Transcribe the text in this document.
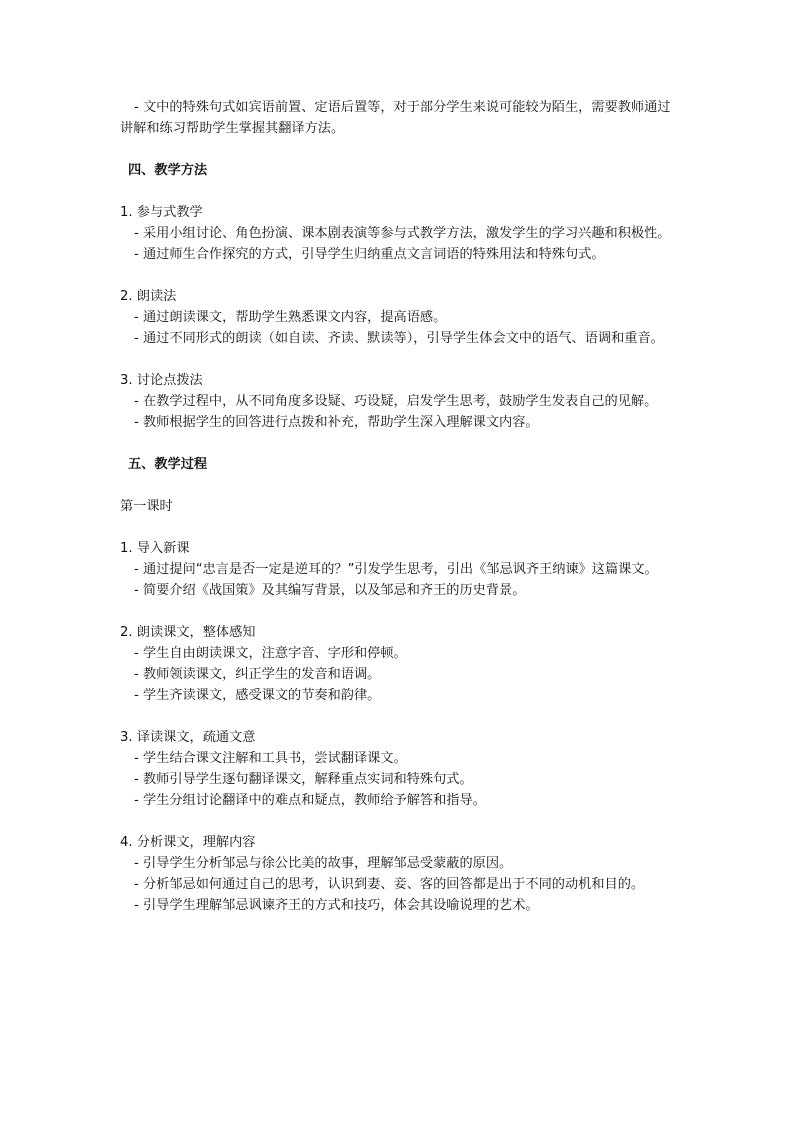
- 文中的特殊句式如宾语前置、定语后置等，对于部分学生来说可能较为陌生，需要教师通过讲解和练习帮助学生掌握其翻译方法。

四、教学方法

1. 参与式教学

- 采用小组讨论、角色扮演、课本剧表演等参与式教学方法，激发学生的学习兴趣和积极性。

- 通过师生合作探究的方式，引导学生归纳重点文言词语的特殊用法和特殊句式。

2. 朗读法

- 通过朗读课文，帮助学生熟悉课文内容，提高语感。

- 通过不同形式的朗读（如自读、齐读、默读等），引导学生体会文中的语气、语调和重音。

3. 讨论点拨法

- 在教学过程中，从不同角度多设疑、巧设疑，启发学生思考，鼓励学生发表自己的见解。

- 教师根据学生的回答进行点拨和补充，帮助学生深入理解课文内容。

五、教学过程

第一课时

1. 导入新课

- 通过提问“忠言是否一定是逆耳的？”引发学生思考，引出《邹忌讽齐王纳谏》这篇课文。

- 简要介绍《战国策》及其编写背景，以及邹忌和齐王的历史背景。

2. 朗读课文，整体感知

- 学生自由朗读课文，注意字音、字形和停顿。

- 教师领读课文，纠正学生的发音和语调。

- 学生齐读课文，感受课文的节奏和韵律。

3. 译读课文，疏通文意

- 学生结合课文注解和工具书，尝试翻译课文。

- 教师引导学生逐句翻译课文，解释重点实词和特殊句式。

- 学生分组讨论翻译中的难点和疑点，教师给予解答和指导。

4. 分析课文，理解内容

- 引导学生分析邹忌与徐公比美的故事，理解邹忌受蒙蔽的原因。

- 分析邹忌如何通过自己的思考，认识到妻、妾、客的回答都是出于不同的动机和目的。

- 引导学生理解邹忌讽谏齐王的方式和技巧，体会其设喻说理的艺术。
